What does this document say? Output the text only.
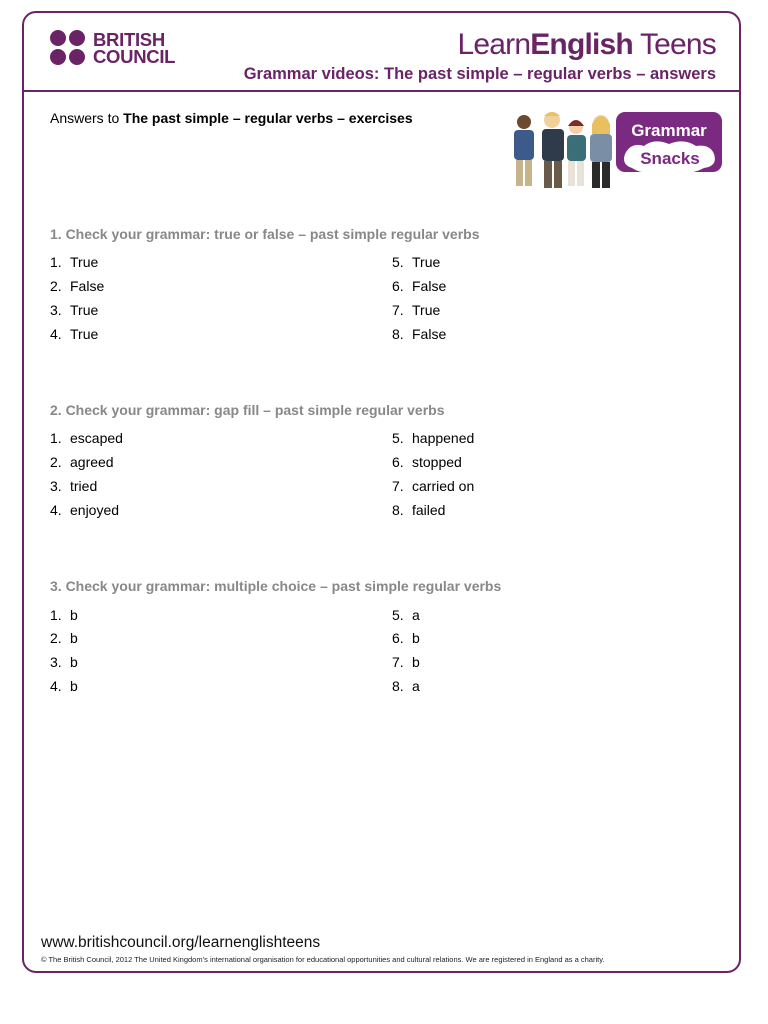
BRITISH
COUNCIL	LearnEnglish Teens
Grammar videos: The past simple – regular verbs – answers
Answers to The past simple – regular verbs – exercises
Grammar
Snacks
1. Check your grammar: true or false – past simple regular verbs
1. True
2. False
3. True
4. True
5. True
6. False
7. True
8. False
2. Check your grammar: gap fill – past simple regular verbs
1. escaped
2. agreed
3. tried
4. enjoyed
5. happened
6. stopped
7. carried on
8. failed
3. Check your grammar: multiple choice – past simple regular verbs
1. b
2. b
3. b
4. b
5. a
6. b
7. b
8. a
www.britishcouncil.org/learnenglishteens
© The British Council, 2012 The United Kingdom’s international organisation for educational opportunities and cultural relations. We are registered in England as a charity.
